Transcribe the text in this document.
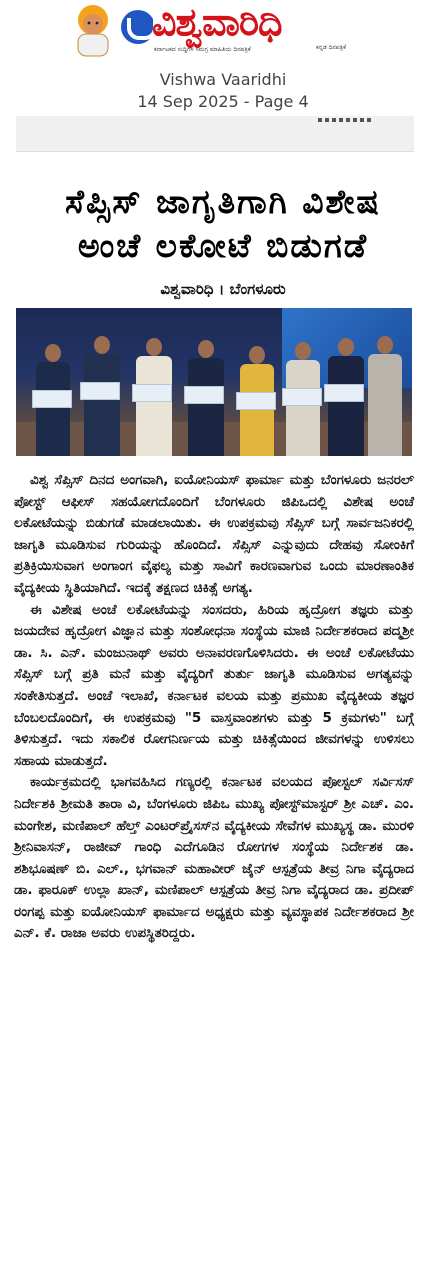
ವಿಶ್ವವಾರಿಧಿ
ಕರ್ನಾಟಕದ ಸುದ್ದಿಗಳ ಸಮಗ್ರ ಮಾಹಿತಿಯ ದಿನಪತ್ರಿಕೆ	ಕನ್ನಡ ದಿನಪತ್ರಿಕೆ
Vishwa Vaaridhi
14 Sep 2025 - Page 4
ಸೆಪ್ಸಿಸ್ ಜಾಗೃತಿಗಾಗಿ ವಿಶೇಷ
ಅಂಚೆ ಲಕೋಟೆ ಬಿಡುಗಡೆ
ವಿಶ್ವವಾರಿಧಿ । ಬೆಂಗಳೂರು

ವಿಶ್ವ ಸೆಪ್ಸಿಸ್ ದಿನದ ಅಂಗವಾಗಿ, ಐಯೋನಿಯಸ್ ಫಾರ್ಮಾ ಮತ್ತು ಬೆಂಗಳೂರು ಜನರಲ್ ಪೋಸ್ಟ್ ಆಫೀಸ್ ಸಹಯೋಗದೊಂದಿಗೆ ಬೆಂಗಳೂರು ಜಿಪಿಒದಲ್ಲಿ ವಿಶೇಷ ಅಂಚೆ ಲಕೋಟೆಯನ್ನು ಬಿಡುಗಡೆ ಮಾಡಲಾಯಿತು. ಈ ಉಪಕ್ರಮವು ಸೆಪ್ಸಿಸ್ ಬಗ್ಗೆ ಸಾರ್ವಜನಿಕರಲ್ಲಿ ಜಾಗೃತಿ ಮೂಡಿಸುವ ಗುರಿಯನ್ನು ಹೊಂದಿದೆ. ಸೆಪ್ಸಿಸ್ ಎನ್ನುವುದು ದೇಹವು ಸೋಂಕಿಗೆ ಪ್ರತಿಕ್ರಿಯಿಸುವಾಗ ಅಂಗಾಂಗ ವೈಫಲ್ಯ ಮತ್ತು ಸಾವಿಗೆ ಕಾರಣವಾಗುವ ಒಂದು ಮಾರಣಾಂತಿಕ ವೈದ್ಯಕೀಯ ಸ್ಥಿತಿಯಾಗಿದೆ. ಇದಕ್ಕೆ ತಕ್ಷಣದ ಚಿಕಿತ್ಸೆ ಅಗತ್ಯ.

ಈ ವಿಶೇಷ ಅಂಚೆ ಲಕೋಟೆಯನ್ನು ಸಂಸದರು, ಹಿರಿಯ ಹೃದ್ರೋಗ ತಜ್ಞರು ಮತ್ತು ಜಯದೇವ ಹೃದ್ರೋಗ ವಿಜ್ಞಾನ ಮತ್ತು ಸಂಶೋಧನಾ ಸಂಸ್ಥೆಯ ಮಾಜಿ ನಿರ್ದೇಶಕರಾದ ಪದ್ಮಶ್ರೀ ಡಾ. ಸಿ. ಎನ್. ಮಂಜುನಾಥ್ ಅವರು ಅನಾವರಣಗೊಳಿಸಿದರು. ಈ ಅಂಚೆ ಲಕೋಟೆಯು ಸೆಪ್ಸಿಸ್ ಬಗ್ಗೆ ಪ್ರತಿ ಮನೆ ಮತ್ತು ವೈದ್ಯರಿಗೆ ತುರ್ತು ಜಾಗೃತಿ ಮೂಡಿಸುವ ಅಗತ್ಯವನ್ನು ಸಂಕೇತಿಸುತ್ತದೆ. ಅಂಚೆ ಇಲಾಖೆ, ಕರ್ನಾಟಕ ವಲಯ ಮತ್ತು ಪ್ರಮುಖ ವೈದ್ಯಕೀಯ ತಜ್ಞರ ಬೆಂಬಲದೊಂದಿಗೆ, ಈ ಉಪಕ್ರಮವು "5 ವಾಸ್ತವಾಂಶಗಳು ಮತ್ತು 5 ಕ್ರಮಗಳು" ಬಗ್ಗೆ ತಿಳಿಸುತ್ತದೆ. ಇದು ಸಕಾಲಿಕ ರೋಗನಿರ್ಣಯ ಮತ್ತು ಚಿಕಿತ್ಸೆಯಿಂದ ಜೀವಗಳನ್ನು ಉಳಿಸಲು ಸಹಾಯ ಮಾಡುತ್ತದೆ.

ಕಾರ್ಯಕ್ರಮದಲ್ಲಿ ಭಾಗವಹಿಸಿದ ಗಣ್ಯರಲ್ಲಿ ಕರ್ನಾಟಕ ವಲಯದ ಪೋಸ್ಟಲ್ ಸರ್ವಿಸಸ್ ನಿರ್ದೇಶಕಿ ಶ್ರೀಮತಿ ತಾರಾ ವಿ, ಬೆಂಗಳೂರು ಜಿಪಿಒ ಮುಖ್ಯ ಪೋಸ್ಟ್‌ಮಾಸ್ಟರ್ ಶ್ರೀ ಎಚ್. ಎಂ. ಮಂಗೇಶ, ಮಣಿಪಾಲ್ ಹೆಲ್ತ್ ಎಂಟರ್‌ಪ್ರೈಸಸ್‌ನ ವೈದ್ಯಕೀಯ ಸೇವೆಗಳ ಮುಖ್ಯಸ್ಥ ಡಾ. ಮುರಳಿ ಶ್ರೀನಿವಾಸನ್, ರಾಜೀವ್ ಗಾಂಧಿ ಎದೆಗೂಡಿನ ರೋಗಗಳ ಸಂಸ್ಥೆಯ ನಿರ್ದೇಶಕ ಡಾ. ಶಶಿಭೂಷಣ್ ಬಿ. ಎಲ್., ಭಗವಾನ್ ಮಹಾವೀರ್ ಜೈನ್ ಆಸ್ಪತ್ರೆಯ ತೀವ್ರ ನಿಗಾ ವೈದ್ಯರಾದ ಡಾ. ಫಾರೂಕ್ ಉಲ್ಲಾ ಖಾನ್, ಮಣಿಪಾಲ್ ಆಸ್ಪತ್ರೆಯ ತೀವ್ರ ನಿಗಾ ವೈದ್ಯರಾದ ಡಾ. ಪ್ರದೀಪ್ ರಂಗಪ್ಪ ಮತ್ತು ಐಯೋನಿಯಸ್ ಫಾರ್ಮಾದ ಅಧ್ಯಕ್ಷರು ಮತ್ತು ವ್ಯವಸ್ಥಾಪಕ ನಿರ್ದೇಶಕರಾದ ಶ್ರೀ ಎನ್. ಕೆ. ರಾಜಾ ಅವರು ಉಪಸ್ಥಿತರಿದ್ದರು.
